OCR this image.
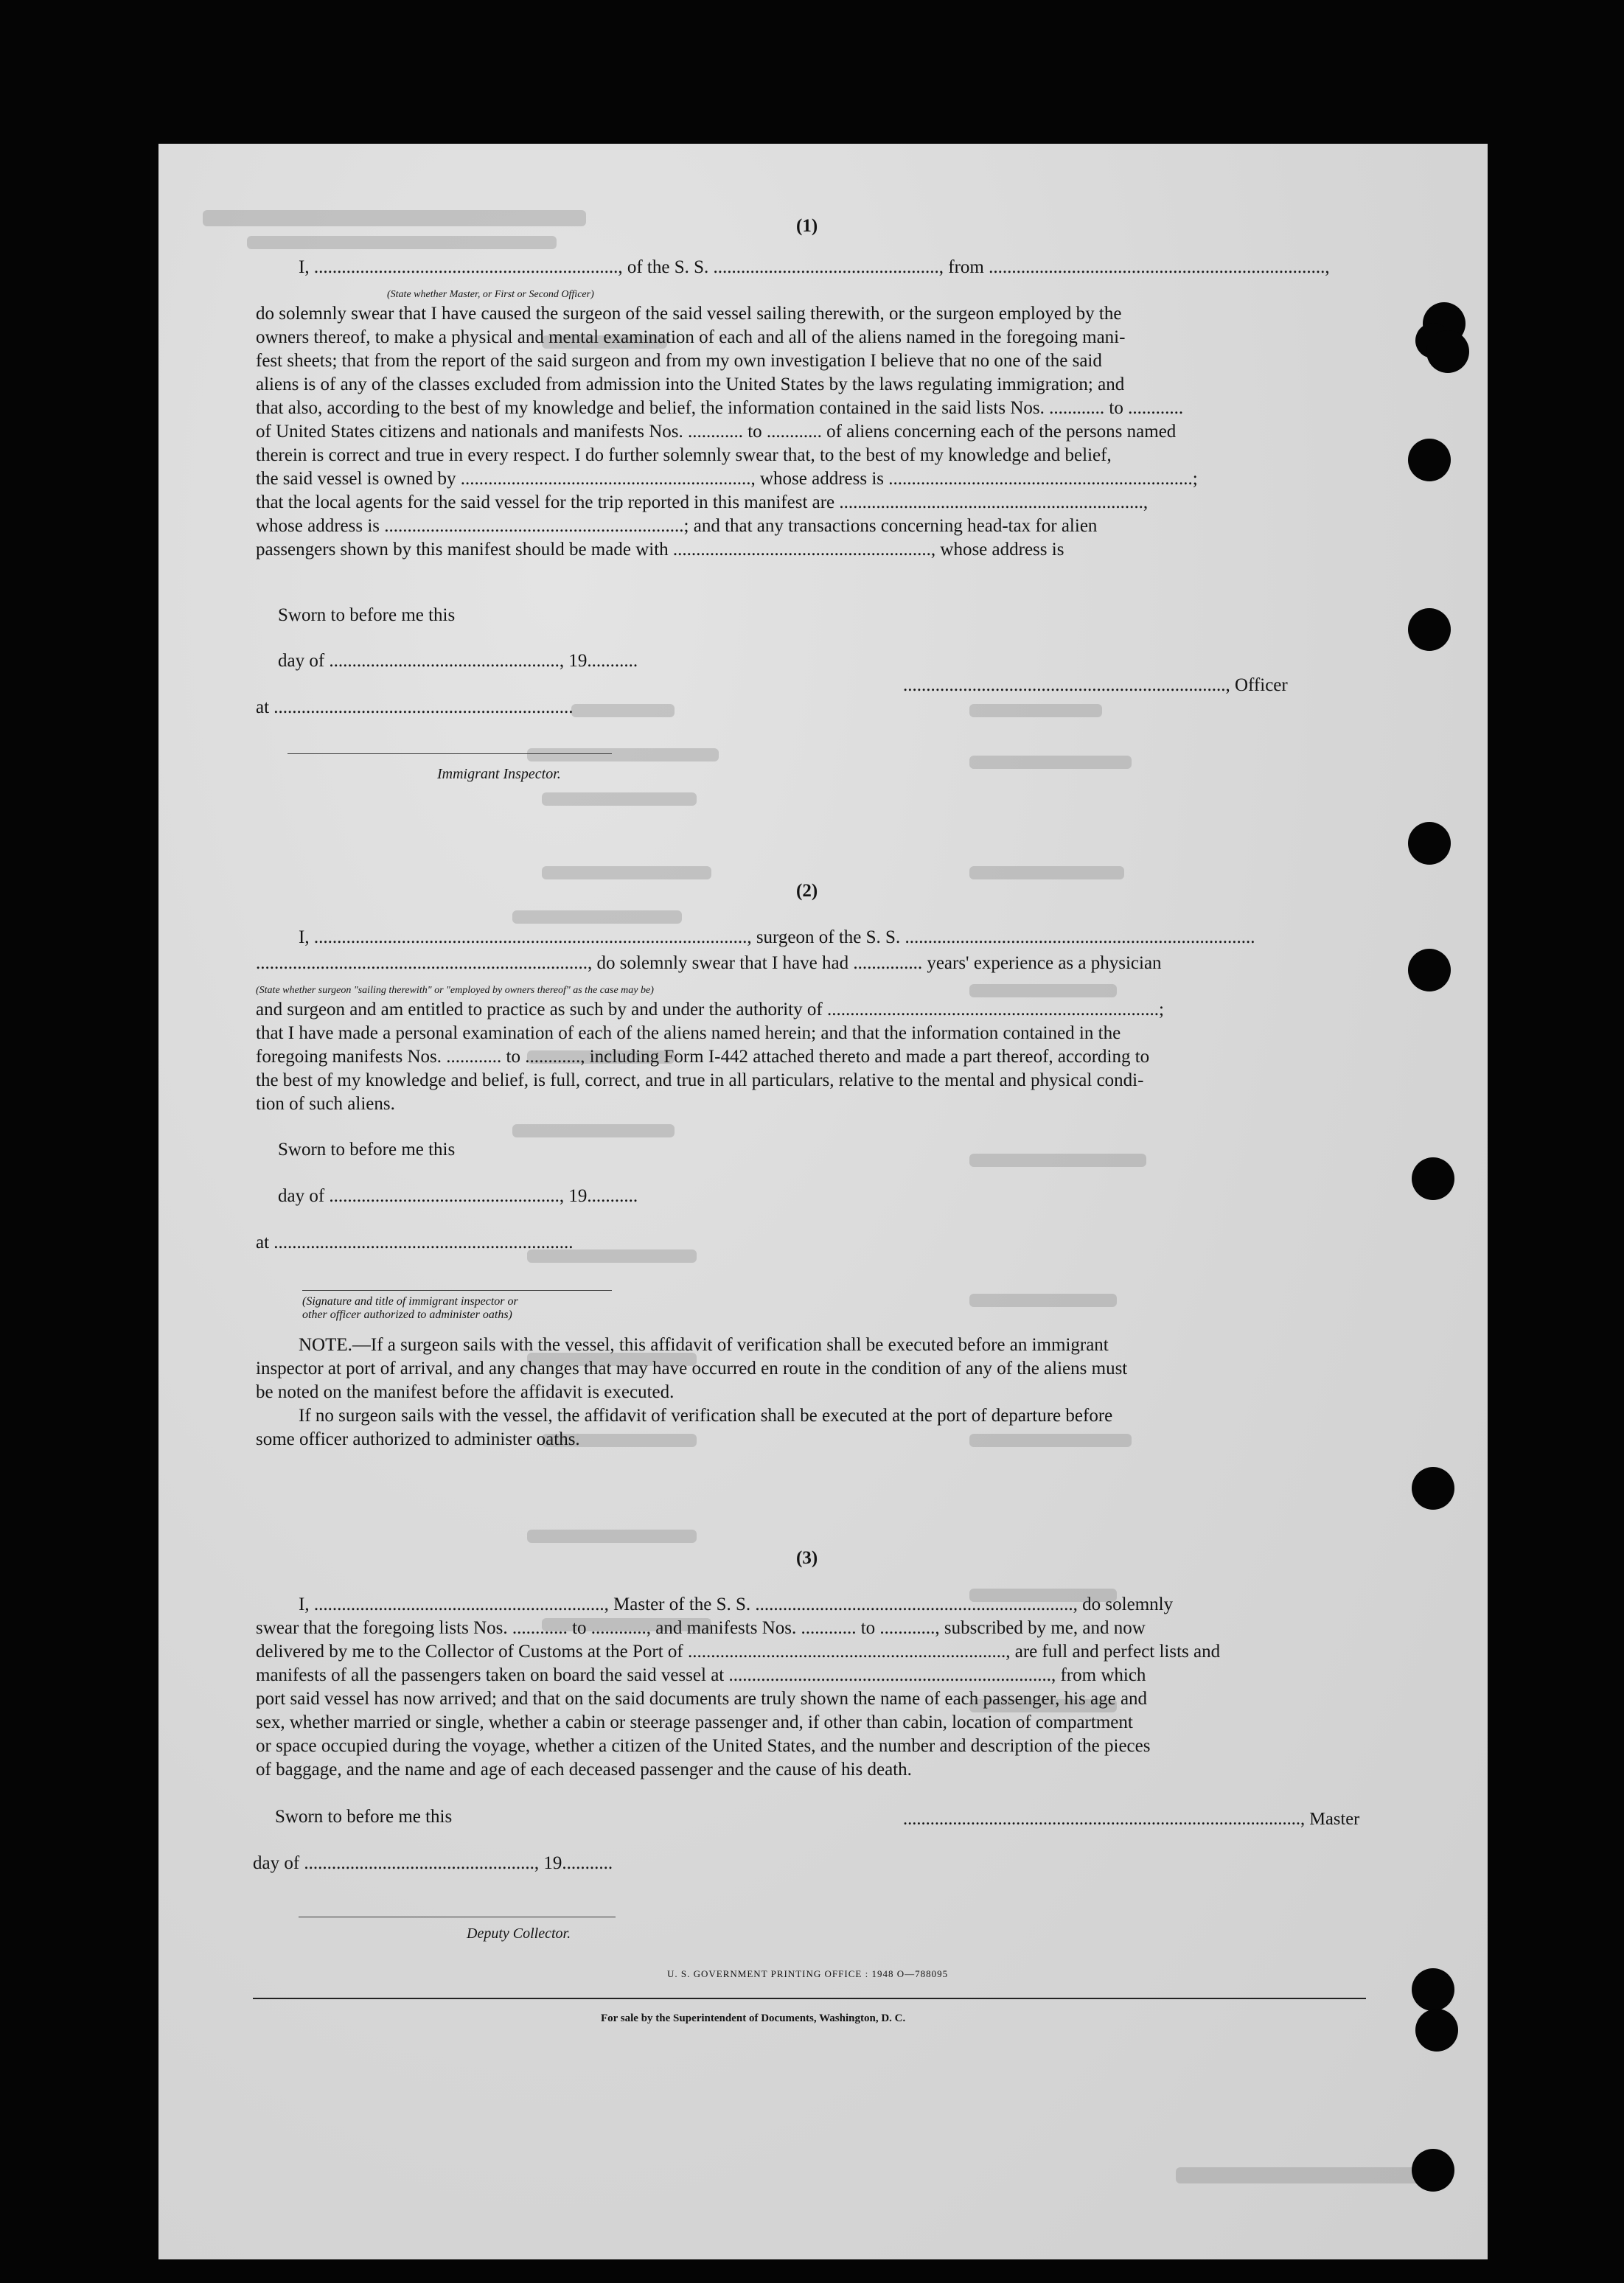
(1)
I, .................................................................., of the S. S. ................................................., from .........................................................................,
(State whether Master, or First or Second Officer)
do solemnly swear that I have caused the surgeon of the said vessel sailing therewith, or the surgeon employed by the
owners thereof, to make a physical and mental examination of each and all of the aliens named in the foregoing mani-
fest sheets; that from the report of the said surgeon and from my own investigation I believe that no one of the said
aliens is of any of the classes excluded from admission into the United States by the laws regulating immigration; and
that also, according to the best of my knowledge and belief, the information contained in the said lists Nos. ............ to ............
of United States citizens and nationals and manifests Nos. ............ to ............ of aliens concerning each of the persons named
therein is correct and true in every respect. I do further solemnly swear that, to the best of my knowledge and belief,
the said vessel is owned by ..............................................................., whose address is ..................................................................;
that the local agents for the said vessel for the trip reported in this manifest are ..................................................................,
whose address is .................................................................; and that any transactions concerning head-tax for alien
passengers shown by this manifest should be made with ........................................................, whose address is
Sworn to before me this
day of .................................................., 19...........
at .................................................................
......................................................................, Officer
Immigrant Inspector.
(2)
I, .............................................................................................., surgeon of the S. S. ............................................................................
........................................................................, do solemnly swear that I have had ............... years' experience as a physician
(State whether surgeon "sailing therewith" or "employed by owners thereof" as the case may be)
and surgeon and am entitled to practice as such by and under the authority of ........................................................................;
that I have made a personal examination of each of the aliens named herein; and that the information contained in the
foregoing manifests Nos. ............ to ............, including Form I-442 attached thereto and made a part thereof, according to
the best of my knowledge and belief, is full, correct, and true in all particulars, relative to the mental and physical condi-
tion of such aliens.
Sworn to before me this
day of .................................................., 19...........
at .................................................................
(Signature and title of immigrant inspector or
other officer authorized to administer oaths)
NOTE.—If a surgeon sails with the vessel, this affidavit of verification shall be executed before an immigrant
inspector at port of arrival, and any changes that may have occurred en route in the condition of any of the aliens must
be noted on the manifest before the affidavit is executed.
If no surgeon sails with the vessel, the affidavit of verification shall be executed at the port of departure before
some officer authorized to administer oaths.
(3)
I, ..............................................................., Master of the S. S. ....................................................................., do solemnly
swear that the foregoing lists Nos. ............ to ............, and manifests Nos. ............ to ............, subscribed by me, and now
delivered by me to the Collector of Customs at the Port of ....................................................................., are full and perfect lists and
manifests of all the passengers taken on board the said vessel at ......................................................................, from which
port said vessel has now arrived; and that on the said documents are truly shown the name of each passenger, his age and
sex, whether married or single, whether a cabin or steerage passenger and, if other than cabin, location of compartment
or space occupied during the voyage, whether a citizen of the United States, and the number and description of the pieces
of baggage, and the name and age of each deceased passenger and the cause of his death.
Sworn to before me this	........................................................................................, Master
day of .................................................., 19...........
Deputy Collector.
U. S. GOVERNMENT PRINTING OFFICE : 1948 O—788095
For sale by the Superintendent of Documents, Washington, D. C.
